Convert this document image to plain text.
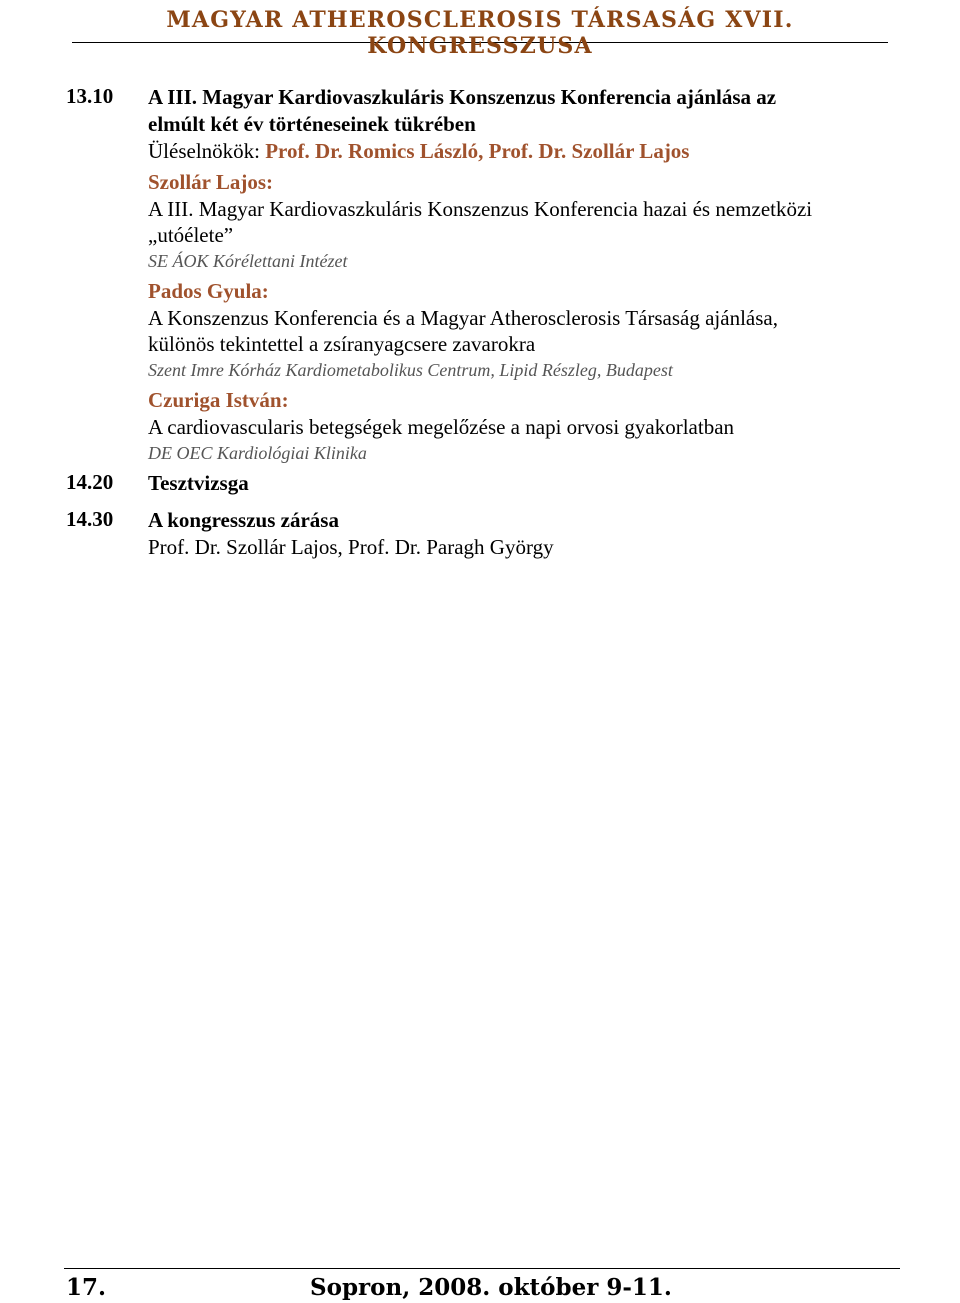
MAGYAR ATHEROSCLEROSIS TÁRSASÁG XVII. KONGRESSZUSA
13.10	A III. Magyar Kardiovaszkuláris Konszenzus Konferencia ajánlása az
elmúlt két év történeseinek tükrében
Üléselnökök: Prof. Dr. Romics László, Prof. Dr. Szollár Lajos
Szollár Lajos:
A III. Magyar Kardiovaszkuláris Konszenzus Konferencia hazai és nemzetközi
„utóélete”
SE ÁOK Kórélettani Intézet
Pados Gyula:
A Konszenzus Konferencia és a Magyar Atherosclerosis Társaság ajánlása,
különös tekintettel a zsíranyagcsere zavarokra
Szent Imre Kórház Kardiometabolikus Centrum, Lipid Részleg, Budapest
Czuriga István:
A cardiovascularis betegségek megelőzése a napi orvosi gyakorlatban
DE OEC Kardiológiai Klinika
14.20	Tesztvizsga
14.30	A kongresszus zárása
Prof. Dr. Szollár Lajos, Prof. Dr. Paragh György
17.	Sopron, 2008. október 9-11.
